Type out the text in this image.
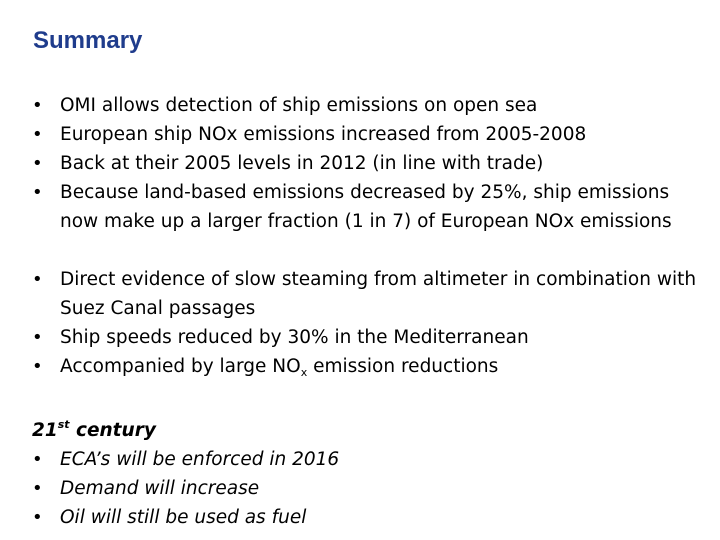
Summary
• OMI allows detection of ship emissions on open sea
• European ship NOx emissions increased from 2005-2008
• Back at their 2005 levels in 2012 (in line with trade)
• Because land-based emissions decreased by 25%, ship emissions now make up a larger fraction (1 in 7) of European NOx emissions
• Direct evidence of slow steaming from altimeter in combination with Suez Canal passages
• Ship speeds reduced by 30% in the Mediterranean
• Accompanied by large $NO_x$ emission reductions
21st century
• ECA’s will be enforced in 2016
• Demand will increase
• Oil will still be used as fuel
